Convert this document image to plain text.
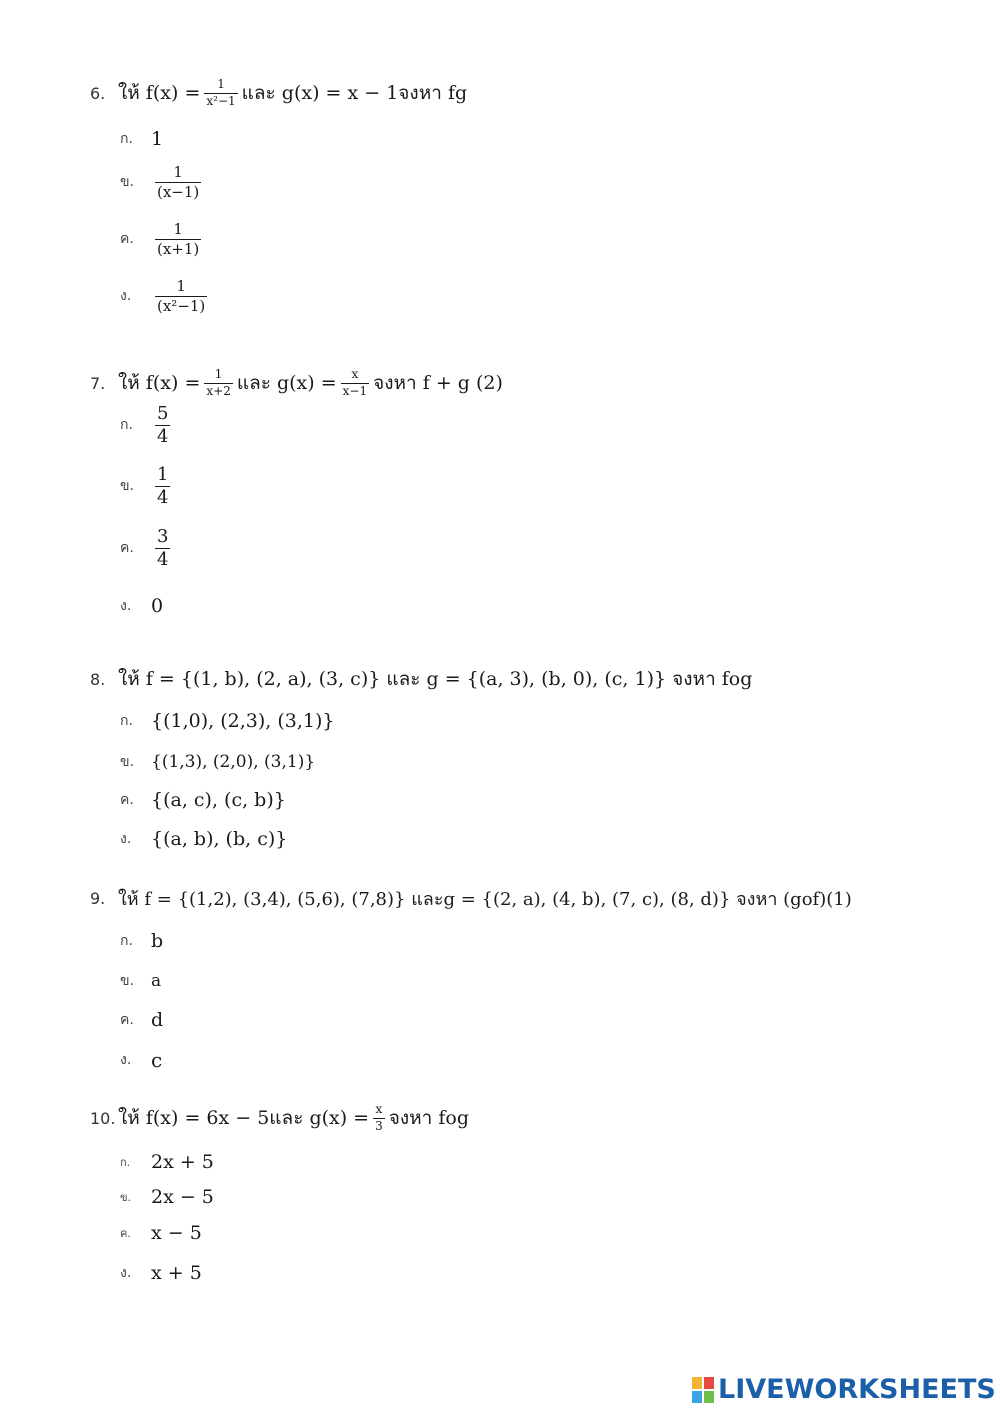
6. ให้ $f(x) = \frac{1}{\text{x²−1}}$ และ g(x) = x − 1จงหา fg
ก. 1
ข.	$\frac{1}{(x-1)}$
ค.	$\frac{1}{(x+1)}$
ง.	$\frac{1}{\text{(x²−1)}}$
7. ให้ $f(x) = \frac{1}{x+2}$ และ $g(x) = \frac{x}{x-1}$ จงหา f + g (2)
ก.	$\frac{5}{4}$
ข.	$\frac{1}{4}$
ค.	$\frac{3}{4}$
ง.	0
8. ให้ f = {(1, b), (2, a), (3, c)} และ g = {(a, 3), (b, 0), (c, 1)} จงหา fog
ก. {(1,0), (2,3), (3,1)}
ข. {(1,3), (2,0), (3,1)}
ค. {(a, c), (c, b)}
ง.	{(a, b), (b, c)}
9. ให้ f = {(1,2), (3,4), (5,6), (7,8)} และg = {(2, a), (4, b), (7, c), (8, d)} จงหา (gof)(1)
ก. b
ข. a
ค. d
ง. c
10. ให้ f(x) = 6x − 5และ $g(x) = \frac{x}{3}$ จงหา fog
ก.	2x + 5
ข.	2x − 5
ค.	x − 5
ง.	x + 5
LIVEWORKSHEETS
